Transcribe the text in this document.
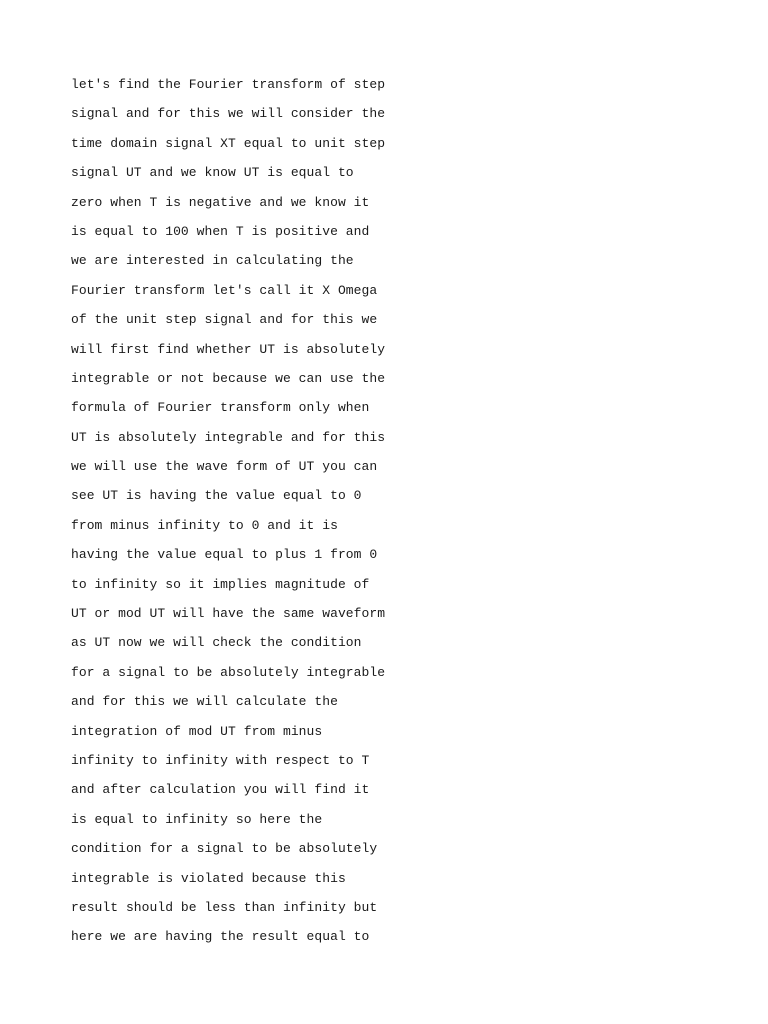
let's find the Fourier transform of step
signal and for this we will consider the
time domain signal XT equal to unit step
signal UT and we know UT is equal to
zero when T is negative and we know it
is equal to 100 when T is positive and
we are interested in calculating the
Fourier transform let's call it X Omega
of the unit step signal and for this we
will first find whether UT is absolutely
integrable or not because we can use the
formula of Fourier transform only when
UT is absolutely integrable and for this
we will use the wave form of UT you can
see UT is having the value equal to 0
from minus infinity to 0 and it is
having the value equal to plus 1 from 0
to infinity so it implies magnitude of
UT or mod UT will have the same waveform
as UT now we will check the condition
for a signal to be absolutely integrable
and for this we will calculate the
integration of mod UT from minus
infinity to infinity with respect to T
and after calculation you will find it
is equal to infinity so here the
condition for a signal to be absolutely
integrable is violated because this
result should be less than infinity but
here we are having the result equal to
